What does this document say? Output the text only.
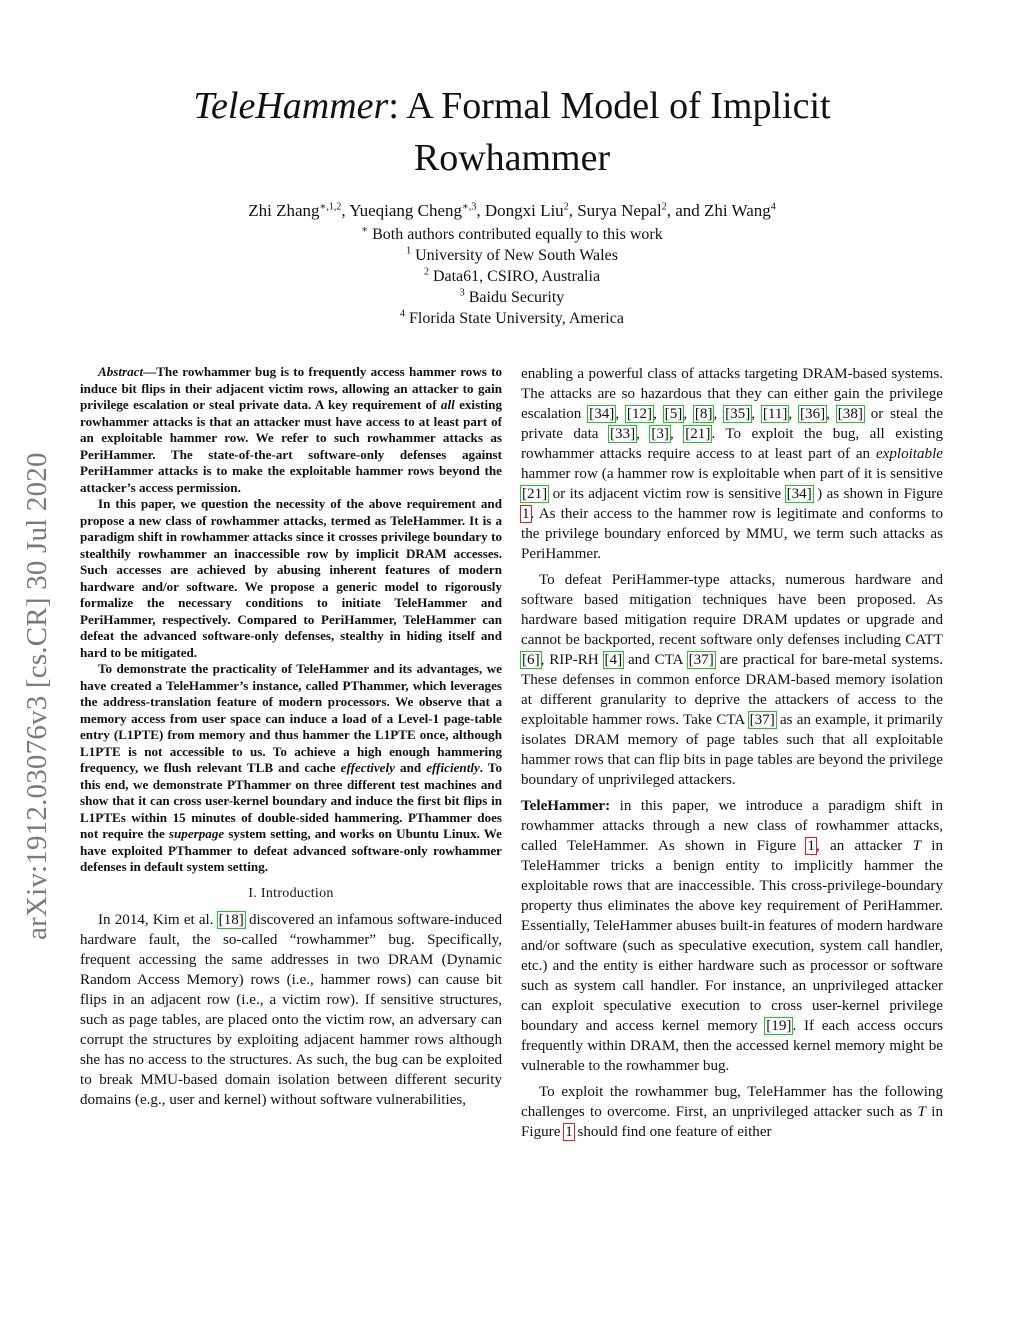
arXiv:1912.03076v3 [cs.CR] 30 Jul 2020
TeleHammer: A Formal Model of Implicit Rowhammer
Zhi Zhang$^{∗,1,2}$, Yueqiang Cheng$^{∗,3}$, Dongxi Liu$^2$, Surya Nepal$^2$, and Zhi Wang$^4$
∗ Both authors contributed equally to this work
$^1$ University of New South Wales
$^2$ Data61, CSIRO, Australia
$^3$ Baidu Security
$^4$ Florida State University, America

Abstract—The rowhammer bug is to frequently access hammer rows to induce bit flips in their adjacent victim rows, allowing an attacker to gain privilege escalation or steal private data. A key requirement of all existing rowhammer attacks is that an attacker must have access to at least part of an exploitable hammer row. We refer to such rowhammer attacks as PeriHammer. The state-of-the-art software-only defenses against PeriHammer attacks is to make the exploitable hammer rows beyond the attacker’s access permission.

In this paper, we question the necessity of the above requirement and propose a new class of rowhammer attacks, termed as TeleHammer. It is a paradigm shift in rowhammer attacks since it crosses privilege boundary to stealthily rowhammer an inaccessible row by implicit DRAM accesses. Such accesses are achieved by abusing inherent features of modern hardware and/or software. We propose a generic model to rigorously formalize the necessary conditions to initiate TeleHammer and PeriHammer, respectively. Compared to PeriHammer, TeleHammer can defeat the advanced software-only defenses, stealthy in hiding itself and hard to be mitigated.

To demonstrate the practicality of TeleHammer and its advantages, we have created a TeleHammer’s instance, called PThammer, which leverages the address-translation feature of modern processors. We observe that a memory access from user space can induce a load of a Level-1 page-table entry (L1PTE) from memory and thus hammer the L1PTE once, although L1PTE is not accessible to us. To achieve a high enough hammering frequency, we flush relevant TLB and cache effectively and efficiently. To this end, we demonstrate PThammer on three different test machines and show that it can cross user-kernel boundary and induce the first bit flips in L1PTEs within 15 minutes of double-sided hammering. PThammer does not require the superpage system setting, and works on Ubuntu Linux. We have exploited PThammer to defeat advanced software-only rowhammer defenses in default system setting.

I. Introduction

In 2014, Kim et al. [18] discovered an infamous software-induced hardware fault, the so-called “rowhammer” bug. Specifically, frequent accessing the same addresses in two DRAM (Dynamic Random Access Memory) rows (i.e., hammer rows) can cause bit flips in an adjacent row (i.e., a victim row). If sensitive structures, such as page tables, are placed onto the victim row, an adversary can corrupt the structures by exploiting adjacent hammer rows although she has no access to the structures. As such, the bug can be exploited to break MMU-based domain isolation between different security domains (e.g., user and kernel) without software vulnerabilities,

enabling a powerful class of attacks targeting DRAM-based systems. The attacks are so hazardous that they can either gain the privilege escalation [34], [12], [5], [8], [35], [11], [36], [38] or steal the private data [33], [3], [21]. To exploit the bug, all existing rowhammer attacks require access to at least part of an exploitable hammer row (a hammer row is exploitable when part of it is sensitive [21] or its adjacent victim row is sensitive [34] ) as shown in Figure 1. As their access to the hammer row is legitimate and conforms to the privilege boundary enforced by MMU, we term such attacks as PeriHammer.

To defeat PeriHammer-type attacks, numerous hardware and software based mitigation techniques have been proposed. As hardware based mitigation require DRAM updates or upgrade and cannot be backported, recent software only defenses including CATT [6], RIP-RH [4] and CTA [37] are practical for bare-metal systems. These defenses in common enforce DRAM-based memory isolation at different granularity to deprive the attackers of access to the exploitable hammer rows. Take CTA [37] as an example, it primarily isolates DRAM memory of page tables such that all exploitable hammer rows that can flip bits in page tables are beyond the privilege boundary of unprivileged attackers.

TeleHammer: in this paper, we introduce a paradigm shift in rowhammer attacks through a new class of rowhammer attacks, called TeleHammer. As shown in Figure 1, an attacker T in TeleHammer tricks a benign entity to implicitly hammer the exploitable rows that are inaccessible. This cross-privilege-boundary property thus eliminates the above key requirement of PeriHammer. Essentially, TeleHammer abuses built-in features of modern hardware and/or software (such as speculative execution, system call handler, etc.) and the entity is either hardware such as processor or software such as system call handler. For instance, an unprivileged attacker can exploit speculative execution to cross user-kernel privilege boundary and access kernel memory [19]. If each access occurs frequently within DRAM, then the accessed kernel memory might be vulnerable to the rowhammer bug.

To exploit the rowhammer bug, TeleHammer has the following challenges to overcome. First, an unprivileged attacker such as T in Figure 1 should find one feature of either
